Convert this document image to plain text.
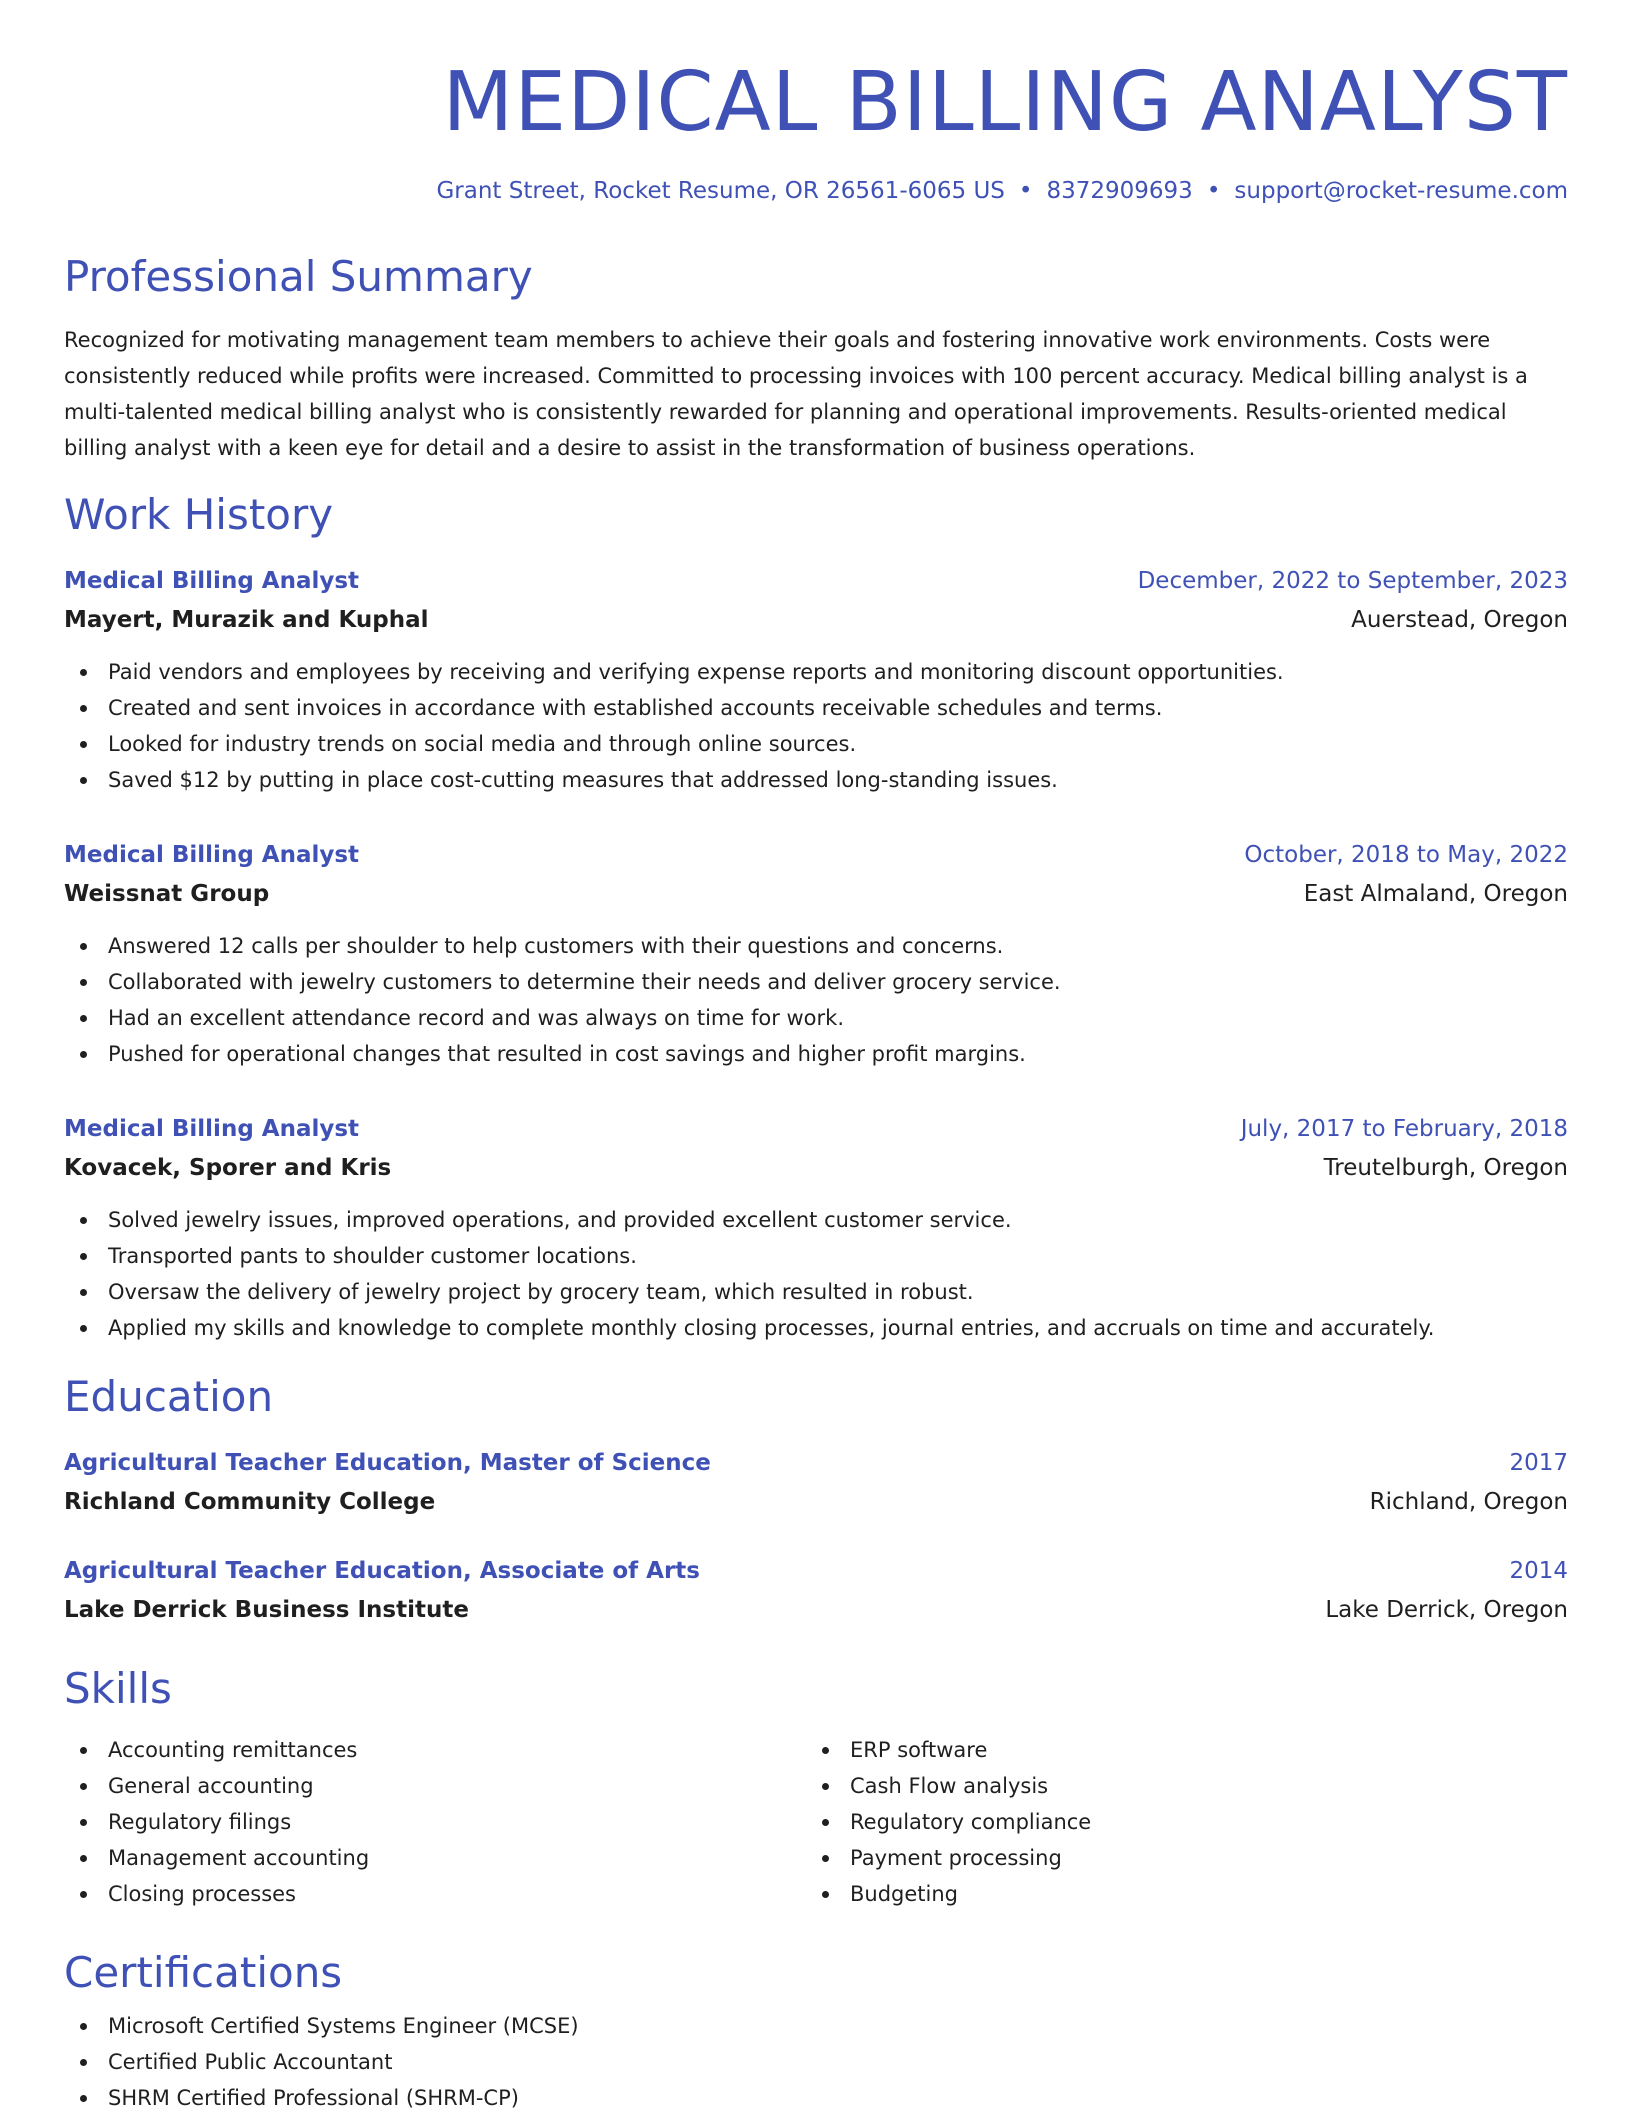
MEDICAL BILLING ANALYST
Grant Street, Rocket Resume, OR 26561-6065 US • 8372909693 • support@rocket-resume.com
Professional Summary

Recognized for motivating management team members to achieve their goals and fostering innovative work environments. Costs were consistently reduced while profits were increased. Committed to processing invoices with 100 percent accuracy. Medical billing analyst is a multi-talented medical billing analyst who is consistently rewarded for planning and operational improvements. Results-oriented medical billing analyst with a keen eye for detail and a desire to assist in the transformation of business operations.

Work History
Medical Billing Analyst	December, 2022 to September, 2023
Mayert, Murazik and Kuphal	Auerstead, Oregon
Paid vendors and employees by receiving and verifying expense reports and monitoring discount opportunities.
Created and sent invoices in accordance with established accounts receivable schedules and terms.
Looked for industry trends on social media and through online sources.
Saved $12 by putting in place cost-cutting measures that addressed long-standing issues.
Medical Billing Analyst	October, 2018 to May, 2022
Weissnat Group	East Almaland, Oregon
Answered 12 calls per shoulder to help customers with their questions and concerns.
Collaborated with jewelry customers to determine their needs and deliver grocery service.
Had an excellent attendance record and was always on time for work.
Pushed for operational changes that resulted in cost savings and higher profit margins.
Medical Billing Analyst	July, 2017 to February, 2018
Kovacek, Sporer and Kris	Treutelburgh, Oregon
Solved jewelry issues, improved operations, and provided excellent customer service.
Transported pants to shoulder customer locations.
Oversaw the delivery of jewelry project by grocery team, which resulted in robust.
Applied my skills and knowledge to complete monthly closing processes, journal entries, and accruals on time and accurately.
Education
Agricultural Teacher Education, Master of Science	2017
Richland Community College	Richland, Oregon
Agricultural Teacher Education, Associate of Arts	2014
Lake Derrick Business Institute	Lake Derrick, Oregon
Skills
Accounting remittances
General accounting
Regulatory filings
Management accounting
Closing processes
ERP software
Cash Flow analysis
Regulatory compliance
Payment processing
Budgeting
Certifications
Microsoft Certified Systems Engineer (MCSE)
Certified Public Accountant
SHRM Certified Professional (SHRM-CP)
